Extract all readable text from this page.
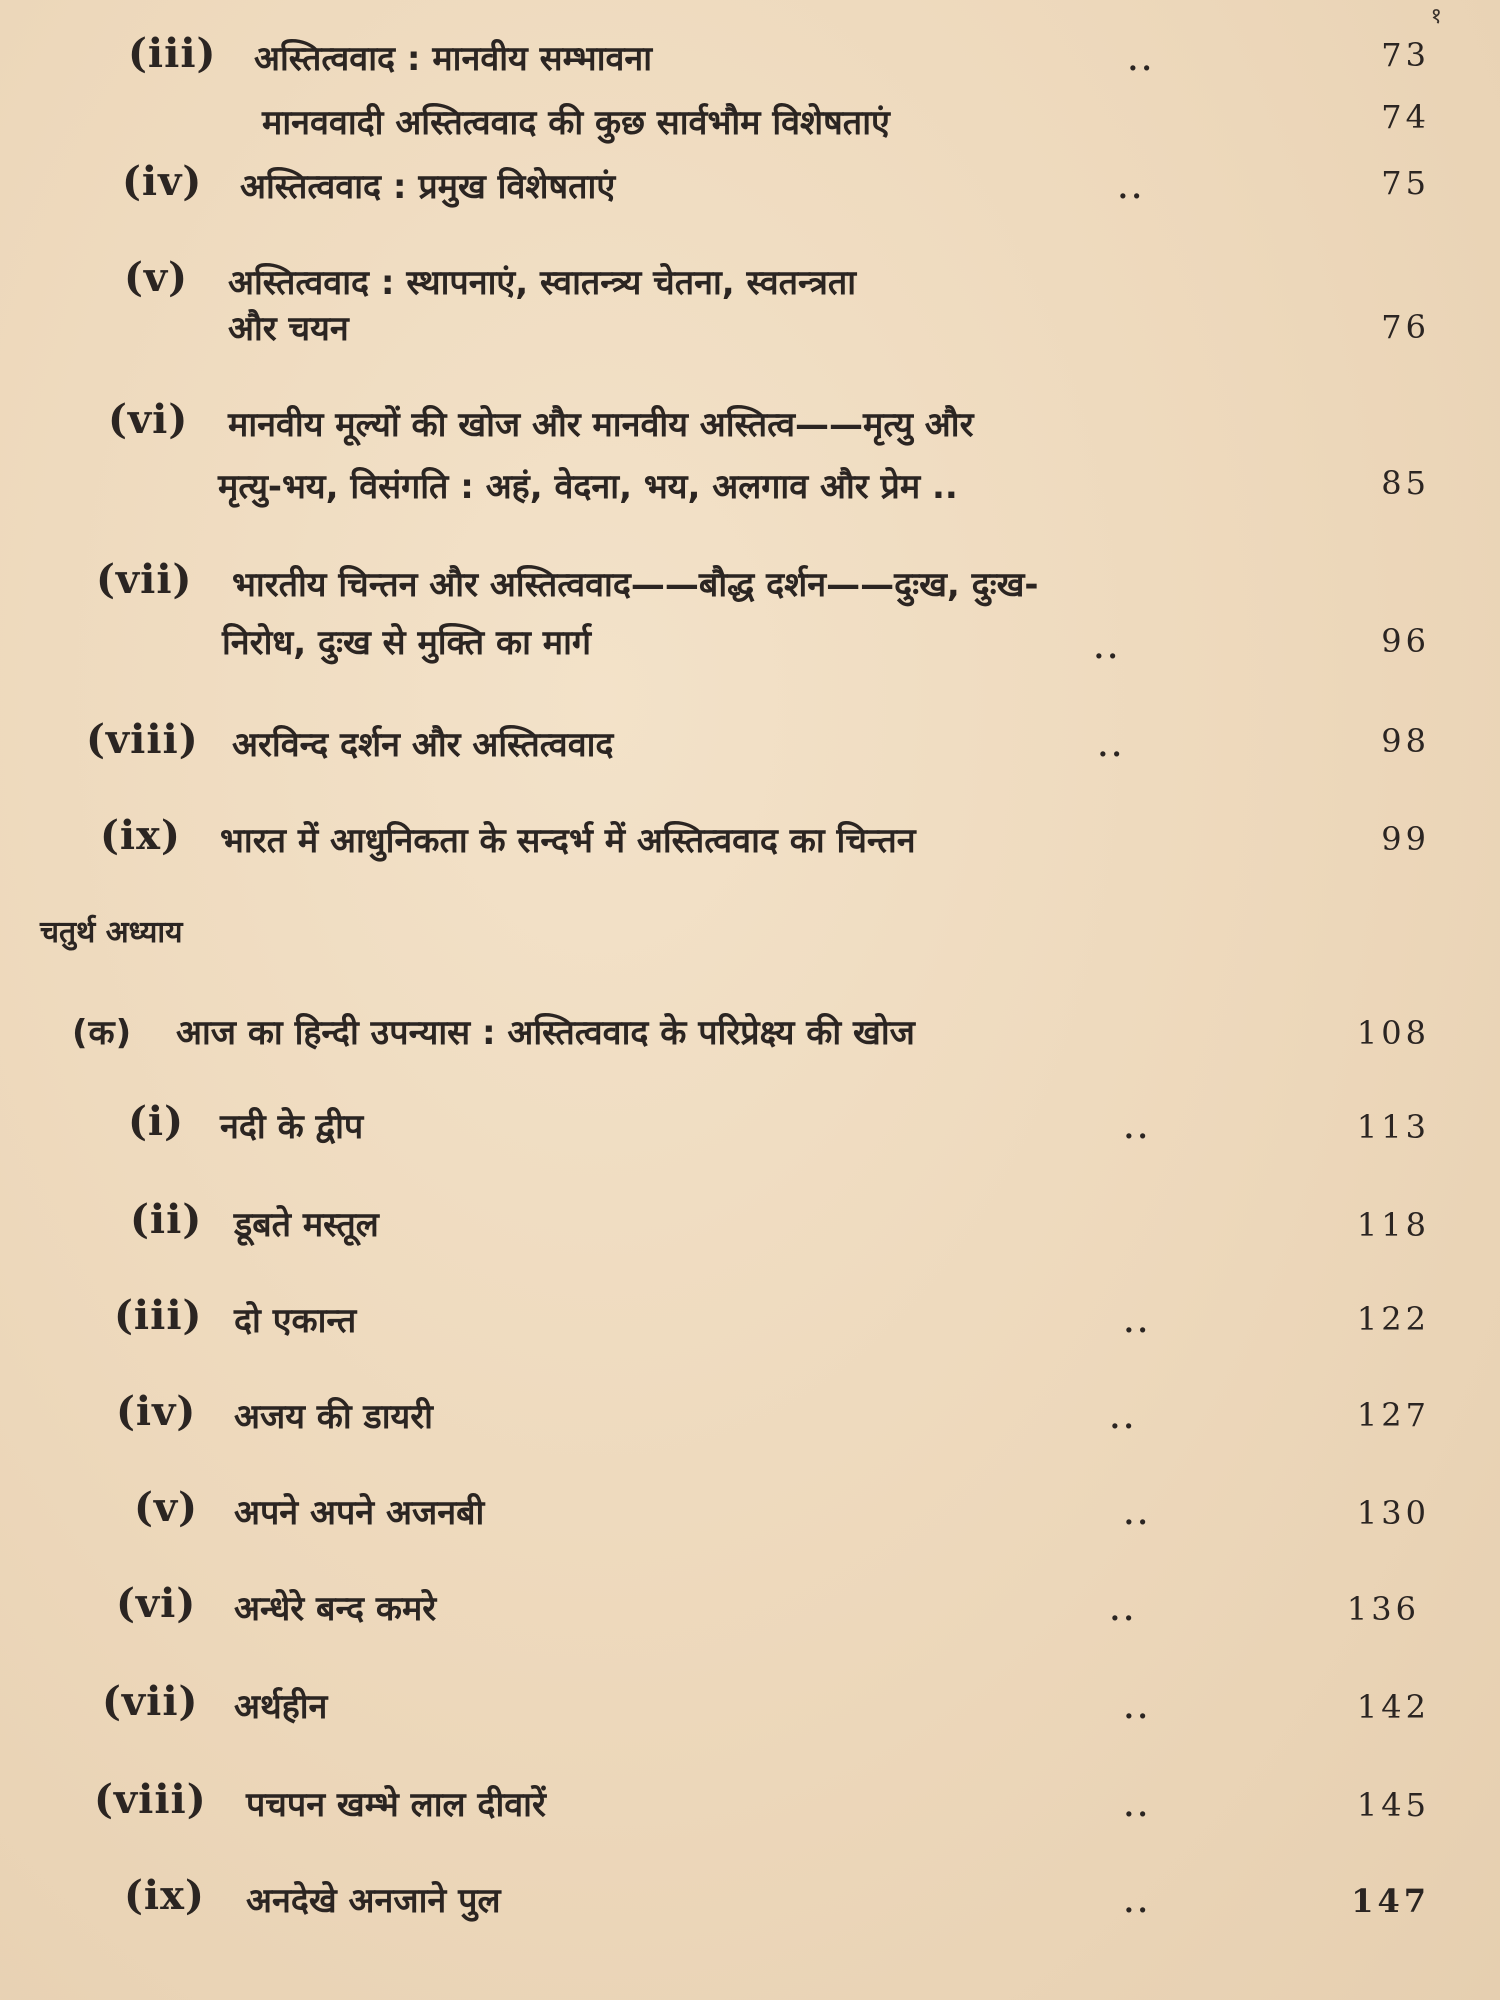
१
(iii) अस्तित्ववाद : मानवीय सम्भावना	..	73
मानववादी अस्तित्ववाद की कुछ सार्वभौम विशेषताएं	74
(iv) अस्तित्ववाद : प्रमुख विशेषताएं	..	75
(v) अस्तित्ववाद : स्थापनाएं, स्वातन्त्र्य चेतना, स्वतन्त्रता
और चयन	76
(vi) मानवीय मूल्यों की खोज और मानवीय अस्तित्व——मृत्यु और
मृत्यु-भय, विसंगति : अहं, वेदना, भय, अलगाव और प्रेम ..	85
(vii) भारतीय चिन्तन और अस्तित्ववाद——बौद्ध दर्शन——दुःख, दुःख-
निरोध, दुःख से मुक्ति का मार्ग	..	96
(viii) अरविन्द दर्शन और अस्तित्ववाद	..	98
(ix) भारत में आधुनिकता के सन्दर्भ में अस्तित्ववाद का चिन्तन	99
चतुर्थ अध्याय
(क) आज का हिन्दी उपन्यास : अस्तित्ववाद के परिप्रेक्ष्य की खोज	108
(i) नदी के द्वीप	..	113
(ii) डूबते मस्तूल	118
(iii) दो एकान्त	..	122
(iv) अजय की डायरी	..	127
(v) अपने अपने अजनबी	..	130
(vi) अन्धेरे बन्द कमरे	..	136
(vii) अर्थहीन	..	142
(viii) पचपन खम्भे लाल दीवारें	..	145
(ix) अनदेखे अनजाने पुल	..	147
